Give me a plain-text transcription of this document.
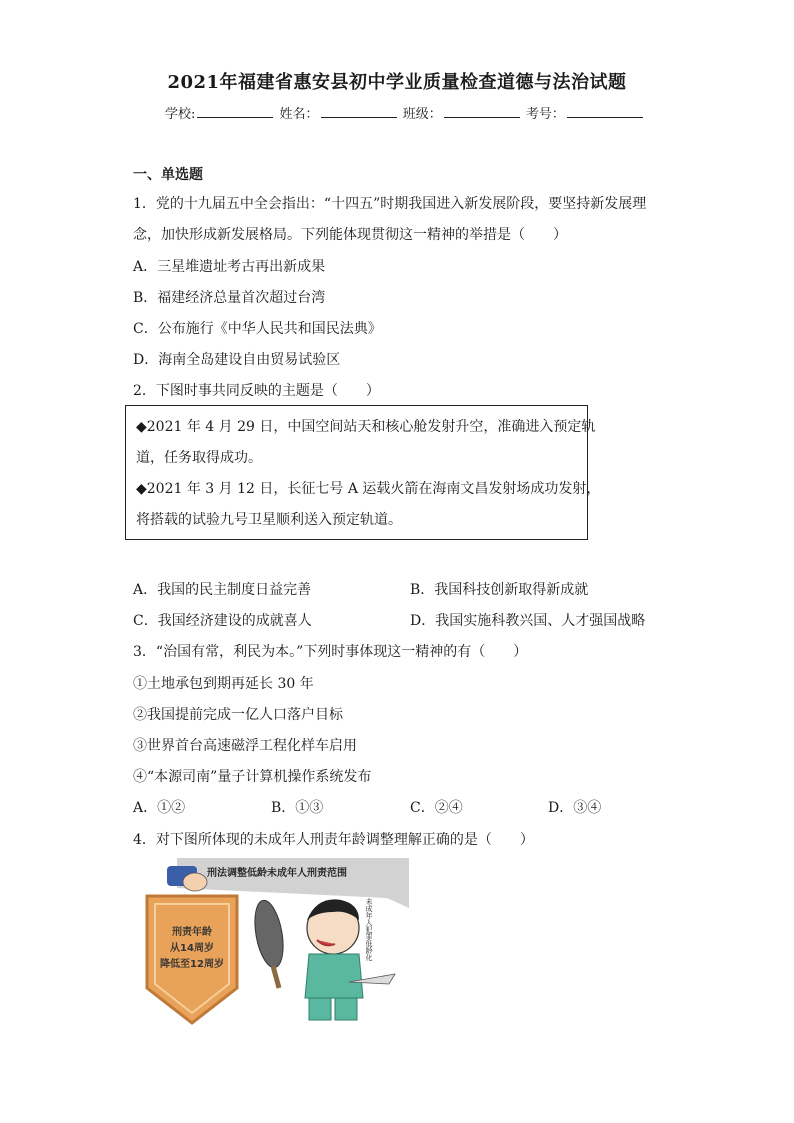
2021年福建省惠安县初中学业质量检查道德与法治试题
学校:	姓名：	班级：	考号：
一、单选题
1．党的十九届五中全会指出：“十四五”时期我国进入新发展阶段，要坚持新发展理
念，加快形成新发展格局。下列能体现贯彻这一精神的举措是（　　）
A．三星堆遗址考古再出新成果
B．福建经济总量首次超过台湾
C．公布施行《中华人民共和国民法典》
D．海南全岛建设自由贸易试验区
2．下图时事共同反映的主题是（　　）
◆2021 年 4 月 29 日，中国空间站天和核心舱发射升空，准确进入预定轨
道，任务取得成功。
◆2021 年 3 月 12 日，长征七号 A 运载火箭在海南文昌发射场成功发射，
将搭载的试验九号卫星顺利送入预定轨道。
A．我国的民主制度日益完善	B．我国科技创新取得新成就
C．我国经济建设的成就喜人	D．我国实施科教兴国、人才强国战略
3．“治国有常，利民为本。”下列时事体现这一精神的有（　　）
①土地承包到期再延长 30 年
②我国提前完成一亿人口落户目标
③世界首台高速磁浮工程化样车启用
④“本源司南”量子计算机操作系统发布
A．①②	B．①③	C．②④	D．③④
4．对下图所体现的未成年人刑责年龄调整理解正确的是（　　）
刑法调整低龄未成年人刑责范围
刑责年龄
从14周岁
降低至12周岁
未成年人犯罪低龄化
